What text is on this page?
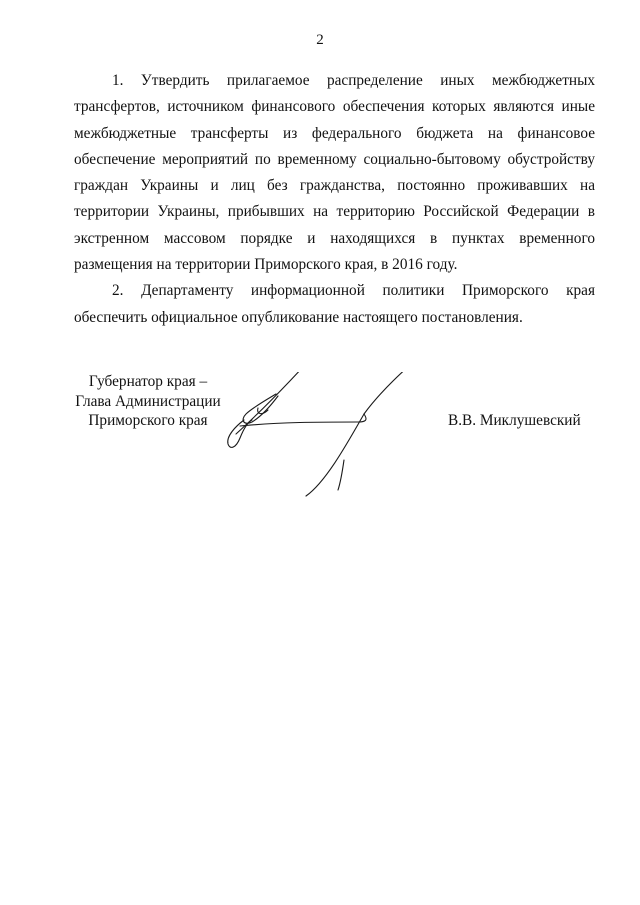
2

1. Утвердить прилагаемое распределение иных межбюджетных трансфертов, источником финансового обеспечения которых являются иные межбюджетные трансферты из федерального бюджета на финансовое обеспечение мероприятий по временному социально-бытовому обустройству граждан Украины и лиц без гражданства, постоянно проживавших на территории Украины, прибывших на территорию Российской Федерации в экстренном массовом порядке и находящихся в пунктах временного размещения на территории Приморского края, в 2016 году.

2. Департаменту информационной политики Приморского края обеспечить официальное опубликование настоящего постановления.

Губернатор края –
Глава Администрации
Приморского края	В.В. Миклушевский
